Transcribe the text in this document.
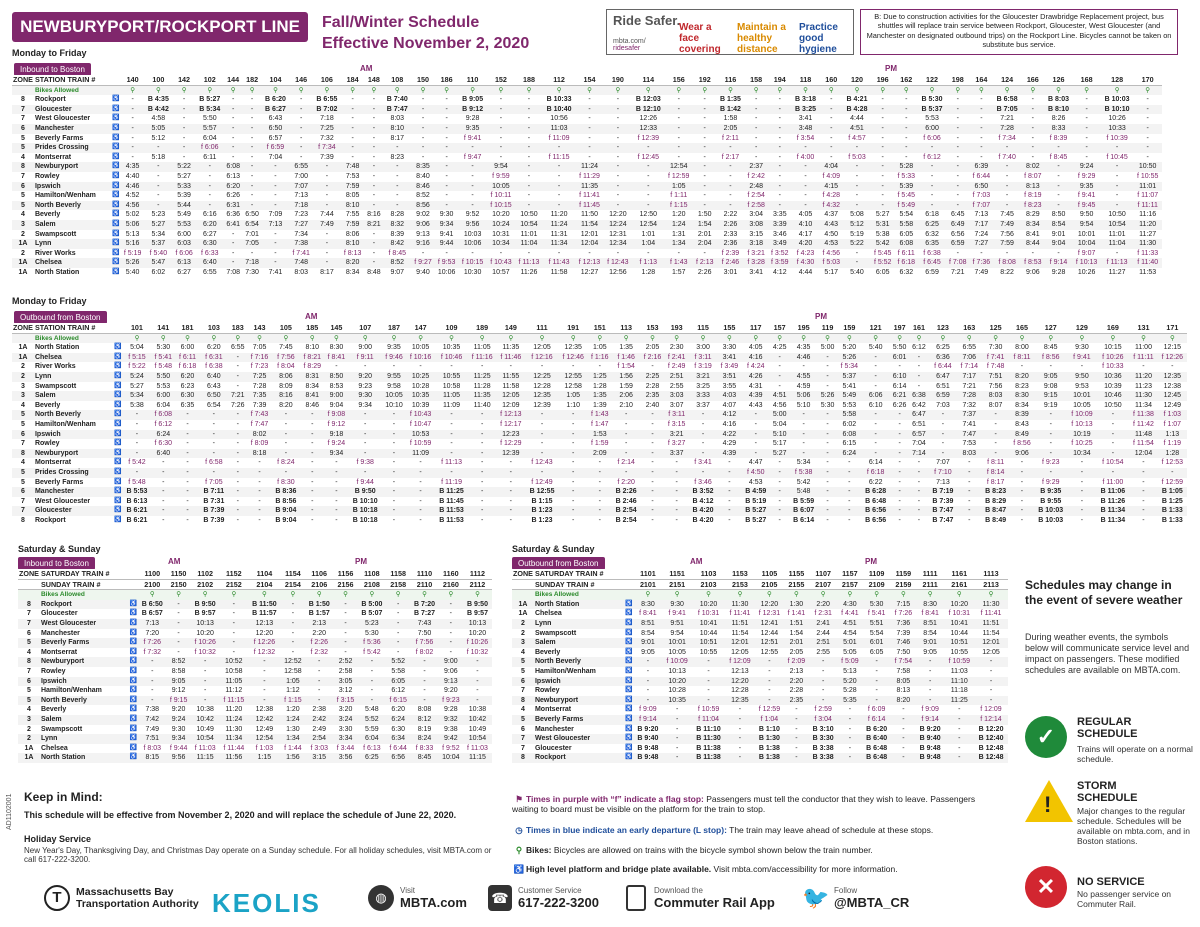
NEWBURYPORT/ROCKPORT LINE	Fall/Winter Schedule
Effective November 2, 2020
Ride Safer.
mbta.com/
ridesafer
Wear a face covering
Maintain a healthy distance
Practice good hygiene
B: Due to construction activities for the Gloucester Drawbridge Replacement project, bus shuttles will replace train service between Rockport, Gloucester, West Gloucester (and Manchester on designated outbound trips) on the Rockport Line. Bicycles cannot be taken on substitute bus service.
Monday to Friday
Inbound to Boston	AM	PM
ZONE	STATION TRAIN #		140	100	142	102	144	182	104	146	106	184	148	108	150	186	110	152	188	112	154	190	114	156	192	116	158	194	118	160	120	196	162	122	198	164	124	166	126	168	128	170
	Bikes Allowed		⚲	⚲	⚲	⚲	⚲	⚲	⚲	⚲	⚲	⚲	⚲	⚲	⚲	⚲	⚲	⚲	⚲	⚲	⚲	⚲	⚲	⚲	⚲	⚲	⚲	⚲	⚲	⚲	⚲	⚲	⚲	⚲	⚲	⚲	⚲	⚲	⚲	⚲	⚲	⚲
8	Rockport	♿	-	B 4:35	-	B 5:27	-	-	B 6:20	-	B 6:55	-	-	B 7:40	-	-	B 9:05	-	-	B 10:33	-	-	B 12:03	-	-	B 1:35	-	-	B 3:18	-	B 4:21	-	-	B 5:30	-	-	B 6:58	-	B 8:03	-	B 10:03	-
7	Gloucester	♿	-	B 4:42	-	B 5:34	-	-	B 6:27	-	B 7:02	-	-	B 7:47	-	-	B 9:12	-	-	B 10:40	-	-	B 12:10	-	-	B 1:42	-	-	B 3:25	-	B 4:28	-	-	B 5:37	-	-	B 7:05	-	B 8:10	-	B 10:10	-
7	West Gloucester	♿	-	4:58	-	5:50	-	-	6:43	-	7:18	-	-	8:03	-	-	9:28	-	-	10:56	-	-	12:26	-	-	1:58	-	-	3:41	-	4:44	-	-	5:53	-	-	7:21	-	8:26	-	10:26	-
6	Manchester	♿	-	5:05	-	5:57	-	-	6:50	-	7:25	-	-	8:10	-	-	9:35	-	-	11:03	-	-	12:33	-	-	2:05	-	-	3:48	-	4:51	-	-	6:00	-	-	7:28	-	8:33	-	10:33	-
5	Beverly Farms	♿	-	5:12	-	6:04	-	-	6:57	-	7:32	-	-	8:17	-	-	f 9:41	-	-	f 11:09	-	-	f 12:39	-	-	f 2:11	-	-	f 3:54	-	f 4:57	-	-	f 6:06	-	-	f 7:34	-	f 8:39	-	f 10:39	-
5	Prides Crossing	♿	-	-	-	f 6:06	-	-	f 6:59	-	f 7:34	-	-	-	-	-	-	-	-	-	-	-	-	-	-	-	-	-	-	-	-	-	-	-	-	-	-	-	-	-	-	-
4	Montserrat	♿	-	5:18	-	6:11	-	-	7:04	-	7:39	-	-	8:23	-	-	f 9:47	-	-	f 11:15	-	-	f 12:45	-	-	f 2:17	-	-	f 4:00	-	f 5:03	-	-	f 6:12	-	-	f 7:40	-	f 8:45	-	f 10:45	-
8	Newburyport	♿	4:35	-	5:22	-	6:08	-	-	6:55	-	7:48	-	-	8:35	-	-	9:54	-	-	11:24	-	-	12:54	-	-	2:37	-	-	4:04	-	-	5:28	-	-	6:39	-	8:02	-	9:24	-	10:50
7	Rowley	♿	4:40	-	5:27	-	6:13	-	-	7:00	-	7:53	-	-	8:40	-	-	f 9:59	-	-	f 11:29	-	-	f 12:59	-	-	f 2:42	-	-	f 4:09	-	-	f 5:33	-	-	f 6:44	-	f 8:07	-	f 9:29	-	f 10:55
6	Ipswich	♿	4:46	-	5:33	-	6:20	-	-	7:07	-	7:59	-	-	8:46	-	-	10:05	-	-	11:35	-	-	1:05	-	-	2:48	-	-	4:15	-	-	5:39	-	-	6:50	-	8:13	-	9:35	-	11:01
5	Hamilton/Wenham	♿	4:52	-	5:39	-	6:26	-	-	7:13	-	8:05	-	-	8:52	-	-	f 10:11	-	-	f 11:41	-	-	f 1:11	-	-	f 2:54	-	-	f 4:28	-	-	f 5:45	-	-	f 7:03	-	f 8:19	-	f 9:41	-	f 11:07
5	North Beverly	♿	4:56	-	5:44	-	6:31	-	-	7:18	-	8:10	-	-	8:56	-	-	f 10:15	-	-	f 11:45	-	-	f 1:15	-	-	f 2:58	-	-	f 4:32	-	-	f 5:49	-	-	f 7:07	-	f 8:23	-	f 9:45	-	f 11:11
4	Beverly	♿	5:02	5:23	5:49	6:16	6:36	6:50	7:09	7:23	7:44	7:55	8:16	8:28	9:02	9:30	9:52	10:20	10:50	11:20	11:50	12:20	12:50	1:20	1:50	2:22	3:04	3:35	4:05	4:37	5:08	5:27	5:54	6:18	6:45	7:13	7:45	8:29	8:50	9:50	10:50	11:16
3	Salem	♿	5:06	5:27	5:53	6:20	6:41	6:54	7:13	7:27	7:49	7:59	8:21	8:32	9:06	9:34	9:56	10:24	10:54	11:24	11:54	12:24	12:54	1:24	1:54	2:26	3:08	3:39	4:10	4:43	5:12	5:31	5:58	6:25	6:49	7:17	7:49	8:34	8:54	9:54	10:54	11:20
2	Swampscott	♿	5:13	5:34	6:00	6:27	-	7:01	-	7:34	-	8:06	-	8:39	9:13	9:41	10:03	10:31	11:01	11:31	12:01	12:31	1:01	1:31	2:01	2:33	3:15	3:46	4:17	4:50	5:19	5:38	6:05	6:32	6:56	7:24	7:56	8:41	9:01	10:01	11:01	11:27
1A	Lynn	♿	5:16	5:37	6:03	6:30	-	7:05	-	7:38	-	8:10	-	8:42	9:16	9:44	10:06	10:34	11:04	11:34	12:04	12:34	1:04	1:34	2:04	2:36	3:18	3:49	4:20	4:53	5:22	5:42	6:08	6:35	6:59	7:27	7:59	8:44	9:04	10:04	11:04	11:30
2	River Works	♿	f 5:19	f 5:40	f 6:06	f 6:33	-	-	-	f 7:41	-	f 8:13	-	f 8:45	-	-	-	-	-	-	-	-	-	-	-	f 2:39	f 3:21	f 3:52	f 4:23	f 4:56	-	f 5:45	f 6:11	f 6:38	-	-	-	-	-	f 9:07	-	f 11:33
1A	Chelsea	♿	5:26	5:47	6:13	6:40	-	7:18	-	7:48	-	8:20	-	8:52	f 9:27	f 9:53	f 10:15	f 10:43	f 11:13	f 11:43	f 12:13	f 12:43	f 1:13	f 1:43	f 2:13	f 2:46	f 3:28	f 3:59	f 4:30	f 5:03	-	f 5:52	f 6:18	f 6:45	f 7:08	f 7:36	f 8:08	f 8:53	f 9:14	f 10:13	f 11:13	f 11:40
1A	North Station	♿	5:40	6:02	6:27	6:55	7:08	7:30	7:41	8:03	8:17	8:34	8:48	9:07	9:40	10:06	10:30	10:57	11:26	11:58	12:27	12:56	1:28	1:57	2:26	3:01	3:41	4:12	4:44	5:17	5:40	6:05	6:32	6:59	7:21	7:49	8:22	9:06	9:28	10:26	11:27	11:53
Monday to Friday
Outbound from Boston	AM	PM
ZONE	STATION TRAIN #		101	141	181	103	183	143	105	185	145	107	187	147	109	189	149	111	191	151	113	153	193	115	155	117	157	195	119	159	121	197	161	123	163	125	165	127	129	169	131	171
	Bikes Allowed		⚲	⚲	⚲	⚲	⚲	⚲	⚲	⚲	⚲	⚲	⚲	⚲	⚲	⚲	⚲	⚲	⚲	⚲	⚲	⚲	⚲	⚲	⚲	⚲	⚲	⚲	⚲	⚲	⚲	⚲	⚲	⚲	⚲	⚲	⚲	⚲	⚲	⚲	⚲	⚲
1A	North Station	♿	5:04	5:30	6:00	6:20	6:55	7:05	7:45	8:10	8:30	9:00	9:35	10:05	10:35	11:05	11:35	12:05	12:35	1:05	1:35	2:05	2:30	3:00	3:30	4:05	4:25	4:35	5:00	5:20	5:40	5:50	6:12	6:25	6:55	7:30	8:00	8:45	9:30	10:15	11:00	12:15
1A	Chelsea	♿	f 5:15	f 5:41	f 6:11	f 6:31	-	f 7:16	f 7:56	f 8:21	f 8:41	f 9:11	f 9:46	f 10:16	f 10:46	f 11:16	f 11:46	f 12:16	f 12:46	f 1:16	f 1:46	f 2:16	f 2:41	f 3:11	3:41	4:16	-	4:46	-	5:26	-	6:01	-	6:36	7:06	f 7:41	f 8:11	f 8:56	f 9:41	f 10:26	f 11:11	f 12:26
2	River Works	♿	f 5:22	f 5:48	f 6:18	f 6:38	-	f 7:23	f 8:04	f 8:29	-	-	-	-	-	-	-	-	-	-	f 1:54	-	f 2:49	f 3:19	f 3:49	f 4:24	-	-	-	f 5:34	-	-	-	f 6:44	f 7:14	f 7:48	-	-	-	f 10:33	-	-
2	Lynn	♿	5:24	5:50	6:20	6:40	-	7:25	8:06	8:31	8:50	9:20	9:55	10:25	10:55	11:25	11:55	12:25	12:55	1:25	1:56	2:25	2:51	3:21	3:51	4:26	-	4:55	-	5:37	-	6:10	-	6:47	7:17	7:51	8:20	9:05	9:50	10:36	11:20	12:35
3	Swampscott	♿	5:27	5:53	6:23	6:43	-	7:28	8:09	8:34	8:53	9:23	9:58	10:28	10:58	11:28	11:58	12:28	12:58	1:28	1:59	2:28	2:55	3:25	3:55	4:31	-	4:59	-	5:41	-	6:14	-	6:51	7:21	7:56	8:23	9:08	9:53	10:39	11:23	12:38
3	Salem	♿	5:34	6:00	6:30	6:50	7:21	7:35	8:16	8:41	9:00	9:30	10:05	10:35	11:05	11:35	12:05	12:35	1:05	1:35	2:06	2:35	3:03	3:33	4:03	4:39	4:51	5:06	5:26	5:49	6:06	6:21	6:38	6:59	7:28	8:03	8:30	9:15	10:01	10:46	11:30	12:45
4	Beverly	♿	5:38	6:04	6:35	6:54	7:26	7:39	8:20	8:46	9:04	9:34	10:10	10:39	11:09	11:40	12:09	12:39	1:10	1:39	2:10	2:40	3:07	3:37	4:07	4:43	4:56	5:10	5:30	5:53	6:10	6:26	6:42	7:03	7:32	8:07	8:34	9:19	10:05	10:50	11:34	12:49
5	North Beverly	♿	-	f 6:08	-	-	-	f 7:43	-	-	f 9:08	-	-	f 10:43	-	-	f 12:13	-	-	f 1:43	-	-	f 3:11	-	4:12	-	5:00	-	-	5:58	-	-	6:47	-	7:37	-	8:39	-	f 10:09	-	f 11:38	f 1:03
5	Hamilton/Wenham	♿	-	f 6:12	-	-	-	f 7:47	-	-	f 9:12	-	-	f 10:47	-	-	f 12:17	-	-	f 1:47	-	-	f 3:15	-	4:16	-	5:04	-	-	6:02	-	-	6:51	-	7:41	-	8:43	-	f 10:13	-	f 11:42	f 1:07
6	Ipswich	♿	-	6:24	-	-	-	8:02	-	-	9:18	-	-	10:53	-	-	12:23	-	-	1:53	-	-	3:21	-	4:22	-	5:10	-	-	6:08	-	-	6:57	-	7:47	-	8:49	-	10:19	-	11:48	1:13
7	Rowley	♿	-	f 6:30	-	-	-	f 8:09	-	-	f 9:24	-	-	f 10:59	-	-	f 12:29	-	-	f 1:59	-	-	f 3:27	-	4:29	-	5:17	-	-	6:15	-	-	7:04	-	7:53	-	f 8:56	-	f 10:25	-	f 11:54	f 1:19
8	Newburyport	♿	-	6:40	-	-	-	8:18	-	-	9:34	-	-	11:09	-	-	12:39	-	-	2:09	-	-	3:37	-	4:39	-	5:27	-	-	6:24	-	-	7:14	-	8:03	-	9:06	-	10:34	-	12:04	1:28
4	Montserrat	♿	f 5:42	-	-	f 6:58	-	-	f 8:24	-	-	f 9:38	-	-	f 11:13	-	-	f 12:43	-	-	f 2:14	-	-	f 3:41	-	4:47	-	5:34	-	-	6:14	-	-	7:07	-	f 8:11	-	f 9:23	-	f 10:54	-	f 12:53
5	Prides Crossing	♿	-	-	-	-	-	-	-	-	-	-	-	-	-	-	-	-	-	-	-	-	-	-	-	f 4:50	-	f 5:38	-	-	f 6:18	-	-	f 7:10	-	f 8:14	-	-	-	-	-	-
5	Beverly Farms	♿	f 5:48	-	-	f 7:05	-	-	f 8:30	-	-	f 9:44	-	-	f 11:19	-	-	f 12:49	-	-	f 2:20	-	-	f 3:46	-	4:53	-	5:42	-	-	6:22	-	-	7:13	-	f 8:17	-	f 9:29	-	f 11:00	-	f 12:59
6	Manchester	♿	B 5:53	-	-	B 7:11	-	-	B 8:36	-	-	B 9:50	-	-	B 11:25	-	-	B 12:55	-	-	B 2:26	-	-	B 3:52	-	B 4:59	-	5:48	-	-	B 6:28	-	-	B 7:19	-	B 8:23	-	B 9:35	-	B 11:06	-	B 1:05
7	West Gloucester	♿	B 6:13	-	-	B 7:31	-	-	B 8:56	-	-	B 10:10	-	-	B 11:45	-	-	B 1:15	-	-	B 2:46	-	-	B 4:12	-	B 5:19	-	B 5:59	-	-	B 6:48	-	-	B 7:39	-	B 8:29	-	B 9:55	-	B 11:26	-	B 1:25
7	Gloucester	♿	B 6:21	-	-	B 7:39	-	-	B 9:04	-	-	B 10:18	-	-	B 11:53	-	-	B 1:23	-	-	B 2:54	-	-	B 4:20	-	B 5:27	-	B 6:07	-	-	B 6:56	-	-	B 7:47	-	B 8:47	-	B 10:03	-	B 11:34	-	B 1:33
8	Rockport	♿	B 6:21	-	-	B 7:39	-	-	B 9:04	-	-	B 10:18	-	-	B 11:53	-	-	B 1:23	-	-	B 2:54	-	-	B 4:20	-	B 5:27	-	B 6:14	-	-	B 6:56	-	-	B 7:47	-	B 8:49	-	B 10:03	-	B 11:34	-	B 1:33
Saturday & Sunday
Inbound to Boston	AM	PM
ZONE	SATURDAY TRAIN #		1100	1150	1102	1152	1104	1154	1106	1156	1108	1158	1110	1160	1112
	SUNDAY TRAIN #		2100	2150	2102	2152	2104	2154	2106	2156	2108	2158	2110	2160	2112
	Bikes Allowed		⚲	⚲	⚲	⚲	⚲	⚲	⚲	⚲	⚲	⚲	⚲	⚲	⚲
8	Rockport	♿	B 6:50	-	B 9:50	-	B 11:50	-	B 1:50	-	B 5:00	-	B 7:20	-	B 9:50
7	Gloucester	♿	B 6:57	-	B 9:57	-	B 11:57	-	B 1:57	-	B 5:07	-	B 7:27	-	B 9:57
7	West Gloucester	♿	7:13	-	10:13	-	12:13	-	2:13	-	5:23	-	7:43	-	10:13
6	Manchester	♿	7:20	-	10:20	-	12:20	-	2:20	-	5:30	-	7:50	-	10:20
5	Beverly Farms	♿	f 7:26	-	f 10:26	-	f 12:26	-	f 2:26	-	f 5:36	-	f 7:56	-	f 10:26
4	Montserrat	♿	f 7:32	-	f 10:32	-	f 12:32	-	f 2:32	-	f 5:42	-	f 8:02	-	f 10:32
8	Newburyport	♿	-	8:52	-	10:52	-	12:52	-	2:52	-	5:52	-	9:00	-
7	Rowley	♿	-	8:58	-	10:58	-	12:58	-	2:58	-	5:58	-	9:06	-
6	Ipswich	♿	-	9:05	-	11:05	-	1:05	-	3:05	-	6:05	-	9:13	-
5	Hamilton/Wenham	♿	-	9:12	-	11:12	-	1:12	-	3:12	-	6:12	-	9:20	-
5	North Beverly	♿	-	f 9:15	-	f 11:15	-	f 1:15	-	f 3:15	-	f 6:15	-	f 9:23	-
4	Beverly	♿	7:38	9:20	10:38	11:20	12:38	1:20	2:38	3:20	5:48	6:20	8:08	9:28	10:38
3	Salem	♿	7:42	9:24	10:42	11:24	12:42	1:24	2:42	3:24	5:52	6:24	8:12	9:32	10:42
2	Swampscott	♿	7:49	9:30	10:49	11:30	12:49	1:30	2:49	3:30	5:59	6:30	8:19	9:38	10:49
2	Lynn	♿	7:51	9:34	10:54	11:34	12:54	1:34	2:54	3:34	6:04	6:34	8:24	9:42	10:54
1A	Chelsea	♿	f 8:03	f 9:44	f 11:03	f 11:44	f 1:03	f 1:44	f 3:03	f 3:44	f 6:13	f 6:44	f 8:33	f 9:52	f 11:03
1A	North Station	♿	8:15	9:56	11:15	11:56	1:15	1:56	3:15	3:56	6:25	6:56	8:45	10:04	11:15
Saturday & Sunday
Outbound from Boston	AM	PM
ZONE	SATURDAY TRAIN #		1101	1151	1103	1153	1105	1155	1107	1157	1109	1159	1111	1161	1113
	SUNDAY TRAIN #		2101	2151	2103	2153	2105	2155	2107	2157	2109	2159	2111	2161	2113
	Bikes Allowed		⚲	⚲	⚲	⚲	⚲	⚲	⚲	⚲	⚲	⚲	⚲	⚲	⚲
1A	North Station	♿	8:30	9:30	10:20	11:30	12:20	1:30	2:20	4:30	5:30	7:15	8:30	10:20	11:30
1A	Chelsea	♿	f 8:41	f 9:41	f 10:31	f 11:41	f 12:31	f 1:41	f 2:31	f 4:41	f 5:41	f 7:26	f 8:41	f 10:31	f 11:41
2	Lynn	♿	8:51	9:51	10:41	11:51	12:41	1:51	2:41	4:51	5:51	7:36	8:51	10:41	11:51
2	Swampscott	♿	8:54	9:54	10:44	11:54	12:44	1:54	2:44	4:54	5:54	7:39	8:54	10:44	11:54
3	Salem	♿	9:01	10:01	10:51	12:01	12:51	2:01	2:51	5:01	6:01	7:46	9:01	10:51	12:01
4	Beverly	♿	9:05	10:05	10:55	12:05	12:55	2:05	2:55	5:05	6:05	7:50	9:05	10:55	12:05
5	North Beverly	♿	-	f 10:09	-	f 12:09	-	f 2:09	-	f 5:09	-	f 7:54	-	f 10:59	-
5	Hamilton/Wenham	♿	-	10:13	-	12:13	-	2:13	-	5:13	-	7:58	-	11:03	-
6	Ipswich	♿	-	10:20	-	12:20	-	2:20	-	5:20	-	8:05	-	11:10	-
7	Rowley	♿	-	10:28	-	12:28	-	2:28	-	5:28	-	8:13	-	11:18	-
8	Newburyport	♿	-	10:35	-	12:35	-	2:35	-	5:35	-	8:20	-	11:25	-
4	Montserrat	♿	f 9:09	-	f 10:59	-	f 12:59	-	f 2:59	-	f 6:09	-	f 9:09	-	f 12:09
5	Beverly Farms	♿	f 9:14	-	f 11:04	-	f 1:04	-	f 3:04	-	f 6:14	-	f 9:14	-	f 12:14
6	Manchester	♿	B 9:20	-	B 11:10	-	B 1:10	-	B 3:10	-	B 6:20	-	B 9:20	-	B 12:20
7	West Gloucester	♿	B 9:40	-	B 11:30	-	B 1:30	-	B 3:30	-	B 6:40	-	B 9:40	-	B 12:40
7	Gloucester	♿	B 9:48	-	B 11:38	-	B 1:38	-	B 3:38	-	B 6:48	-	B 9:48	-	B 12:48
8	Rockport	♿	B 9:48	-	B 11:38	-	B 1:38	-	B 3:38	-	B 6:48	-	B 9:48	-	B 12:48
Keep in Mind:
This schedule will be effective from November 2, 2020 and will replace the schedule of June 22, 2020.
Holiday Service
New Year's Day, Thanksgiving Day, and Christmas Day operate on a Sunday schedule. For all holiday schedules, visit MBTA.com or call 617-222-3200.
AD1102001	⚑ Times in purple with “f” indicate a flag stop: Passengers must tell the conductor that they wish to leave. Passengers waiting to board must be visible on the platform for the train to stop.
◷ Times in blue indicate an early departure (L stop): The train may leave ahead of schedule at these stops.
⚲ Bikes: Bicycles are allowed on trains with the bicycle symbol shown below the train number.
♿ High level platform and bridge plate available. Visit mbta.com/accessibility for more information.
Schedules may change in the event of severe weather
During weather events, the symbols below will communicate service level and impact on passengers. These modified schedules are available on MBTA.com.
✓
REGULAR SCHEDULE
Trains will operate on a normal schedule.
!
STORM SCHEDULE
Major changes to the regular schedule. Schedules will be available on mbta.com, and in Boston stations.
✕	NO SERVICE
No passenger service on Commuter Rail.
T	Massachusetts Bay
Transportation Authority KEOLIS	◍	Visit
MBTA.com ☎	Customer Service
617-222-3200
Download the
Commuter Rail App 🐦 Follow
@MBTA_CR
